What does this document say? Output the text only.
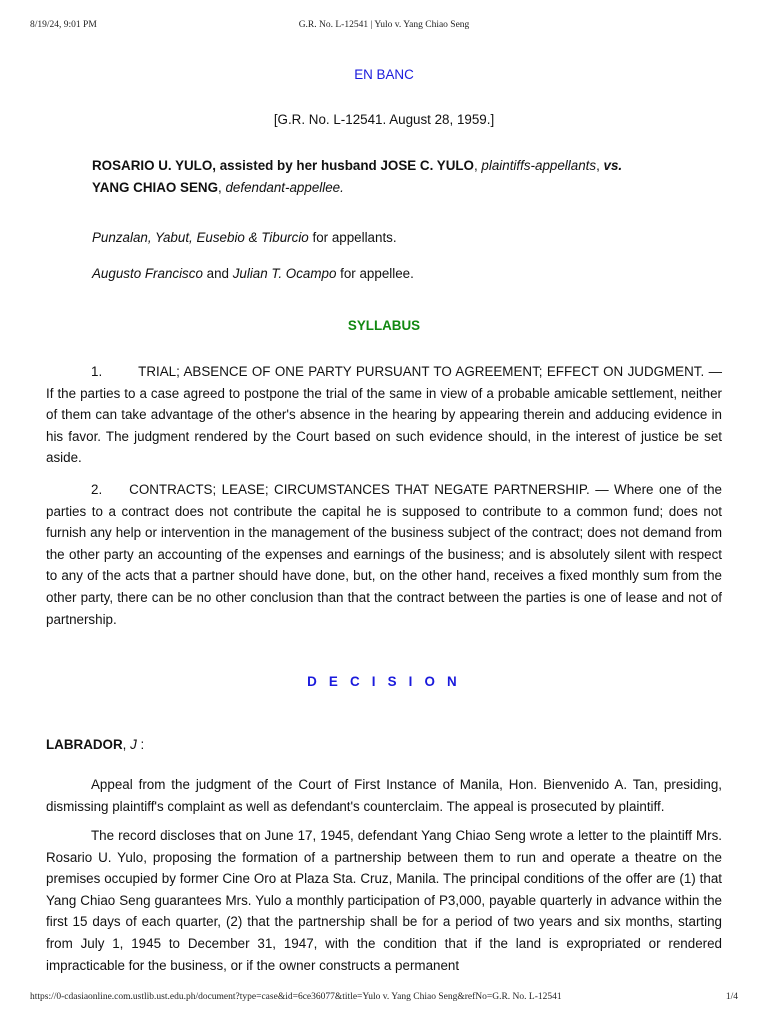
8/19/24, 9:01 PM	G.R. No. L-12541 | Yulo v. Yang Chiao Seng
EN BANC
[G.R. No. L-12541. August 28, 1959.]
ROSARIO U. YULO, assisted by her husband JOSE C. YULO, plaintiffs-appellants, vs.
YANG CHIAO SENG, defendant-appellee.
Punzalan, Yabut, Eusebio & Tiburcio for appellants.
Augusto Francisco and Julian T. Ocampo for appellee.
SYLLABUS
1.	TRIAL; ABSENCE OF ONE PARTY PURSUANT TO AGREEMENT; EFFECT ON JUDGMENT. — If the parties to a case agreed to postpone the trial of the same in view of a probable amicable settlement, neither of them can take advantage of the other's absence in the hearing by appearing therein and adducing evidence in his favor. The judgment rendered by the Court based on such evidence should, in the interest of justice be set aside.
2. CONTRACTS; LEASE; CIRCUMSTANCES THAT NEGATE PARTNERSHIP. — Where one of the parties to a contract does not contribute the capital he is supposed to contribute to a common fund; does not furnish any help or intervention in the management of the business subject of the contract; does not demand from the other party an accounting of the expenses and earnings of the business; and is absolutely silent with respect to any of the acts that a partner should have done, but, on the other hand, receives a fixed monthly sum from the other party, there can be no other conclusion than that the contract between the parties is one of lease and not of partnership.
D E C I S I O N
LABRADOR, J :
Appeal from the judgment of the Court of First Instance of Manila, Hon. Bienvenido A. Tan, presiding, dismissing plaintiff's complaint as well as defendant's counterclaim. The appeal is prosecuted by plaintiff.
The record discloses that on June 17, 1945, defendant Yang Chiao Seng wrote a letter to the plaintiff Mrs. Rosario U. Yulo, proposing the formation of a partnership between them to run and operate a theatre on the premises occupied by former Cine Oro at Plaza Sta. Cruz, Manila. The principal conditions of the offer are (1) that Yang Chiao Seng guarantees Mrs. Yulo a monthly participation of P3,000, payable quarterly in advance within the first 15 days of each quarter, (2) that the partnership shall be for a period of two years and six months, starting from July 1, 1945 to December 31, 1947, with the condition that if the land is expropriated or rendered impracticable for the business, or if the owner constructs a permanent
https://0-cdasiaonline.com.ustlib.ust.edu.ph/document?type=case&id=6ce36077&title=Yulo v. Yang Chiao Seng&refNo=G.R. No. L-12541	1/4
